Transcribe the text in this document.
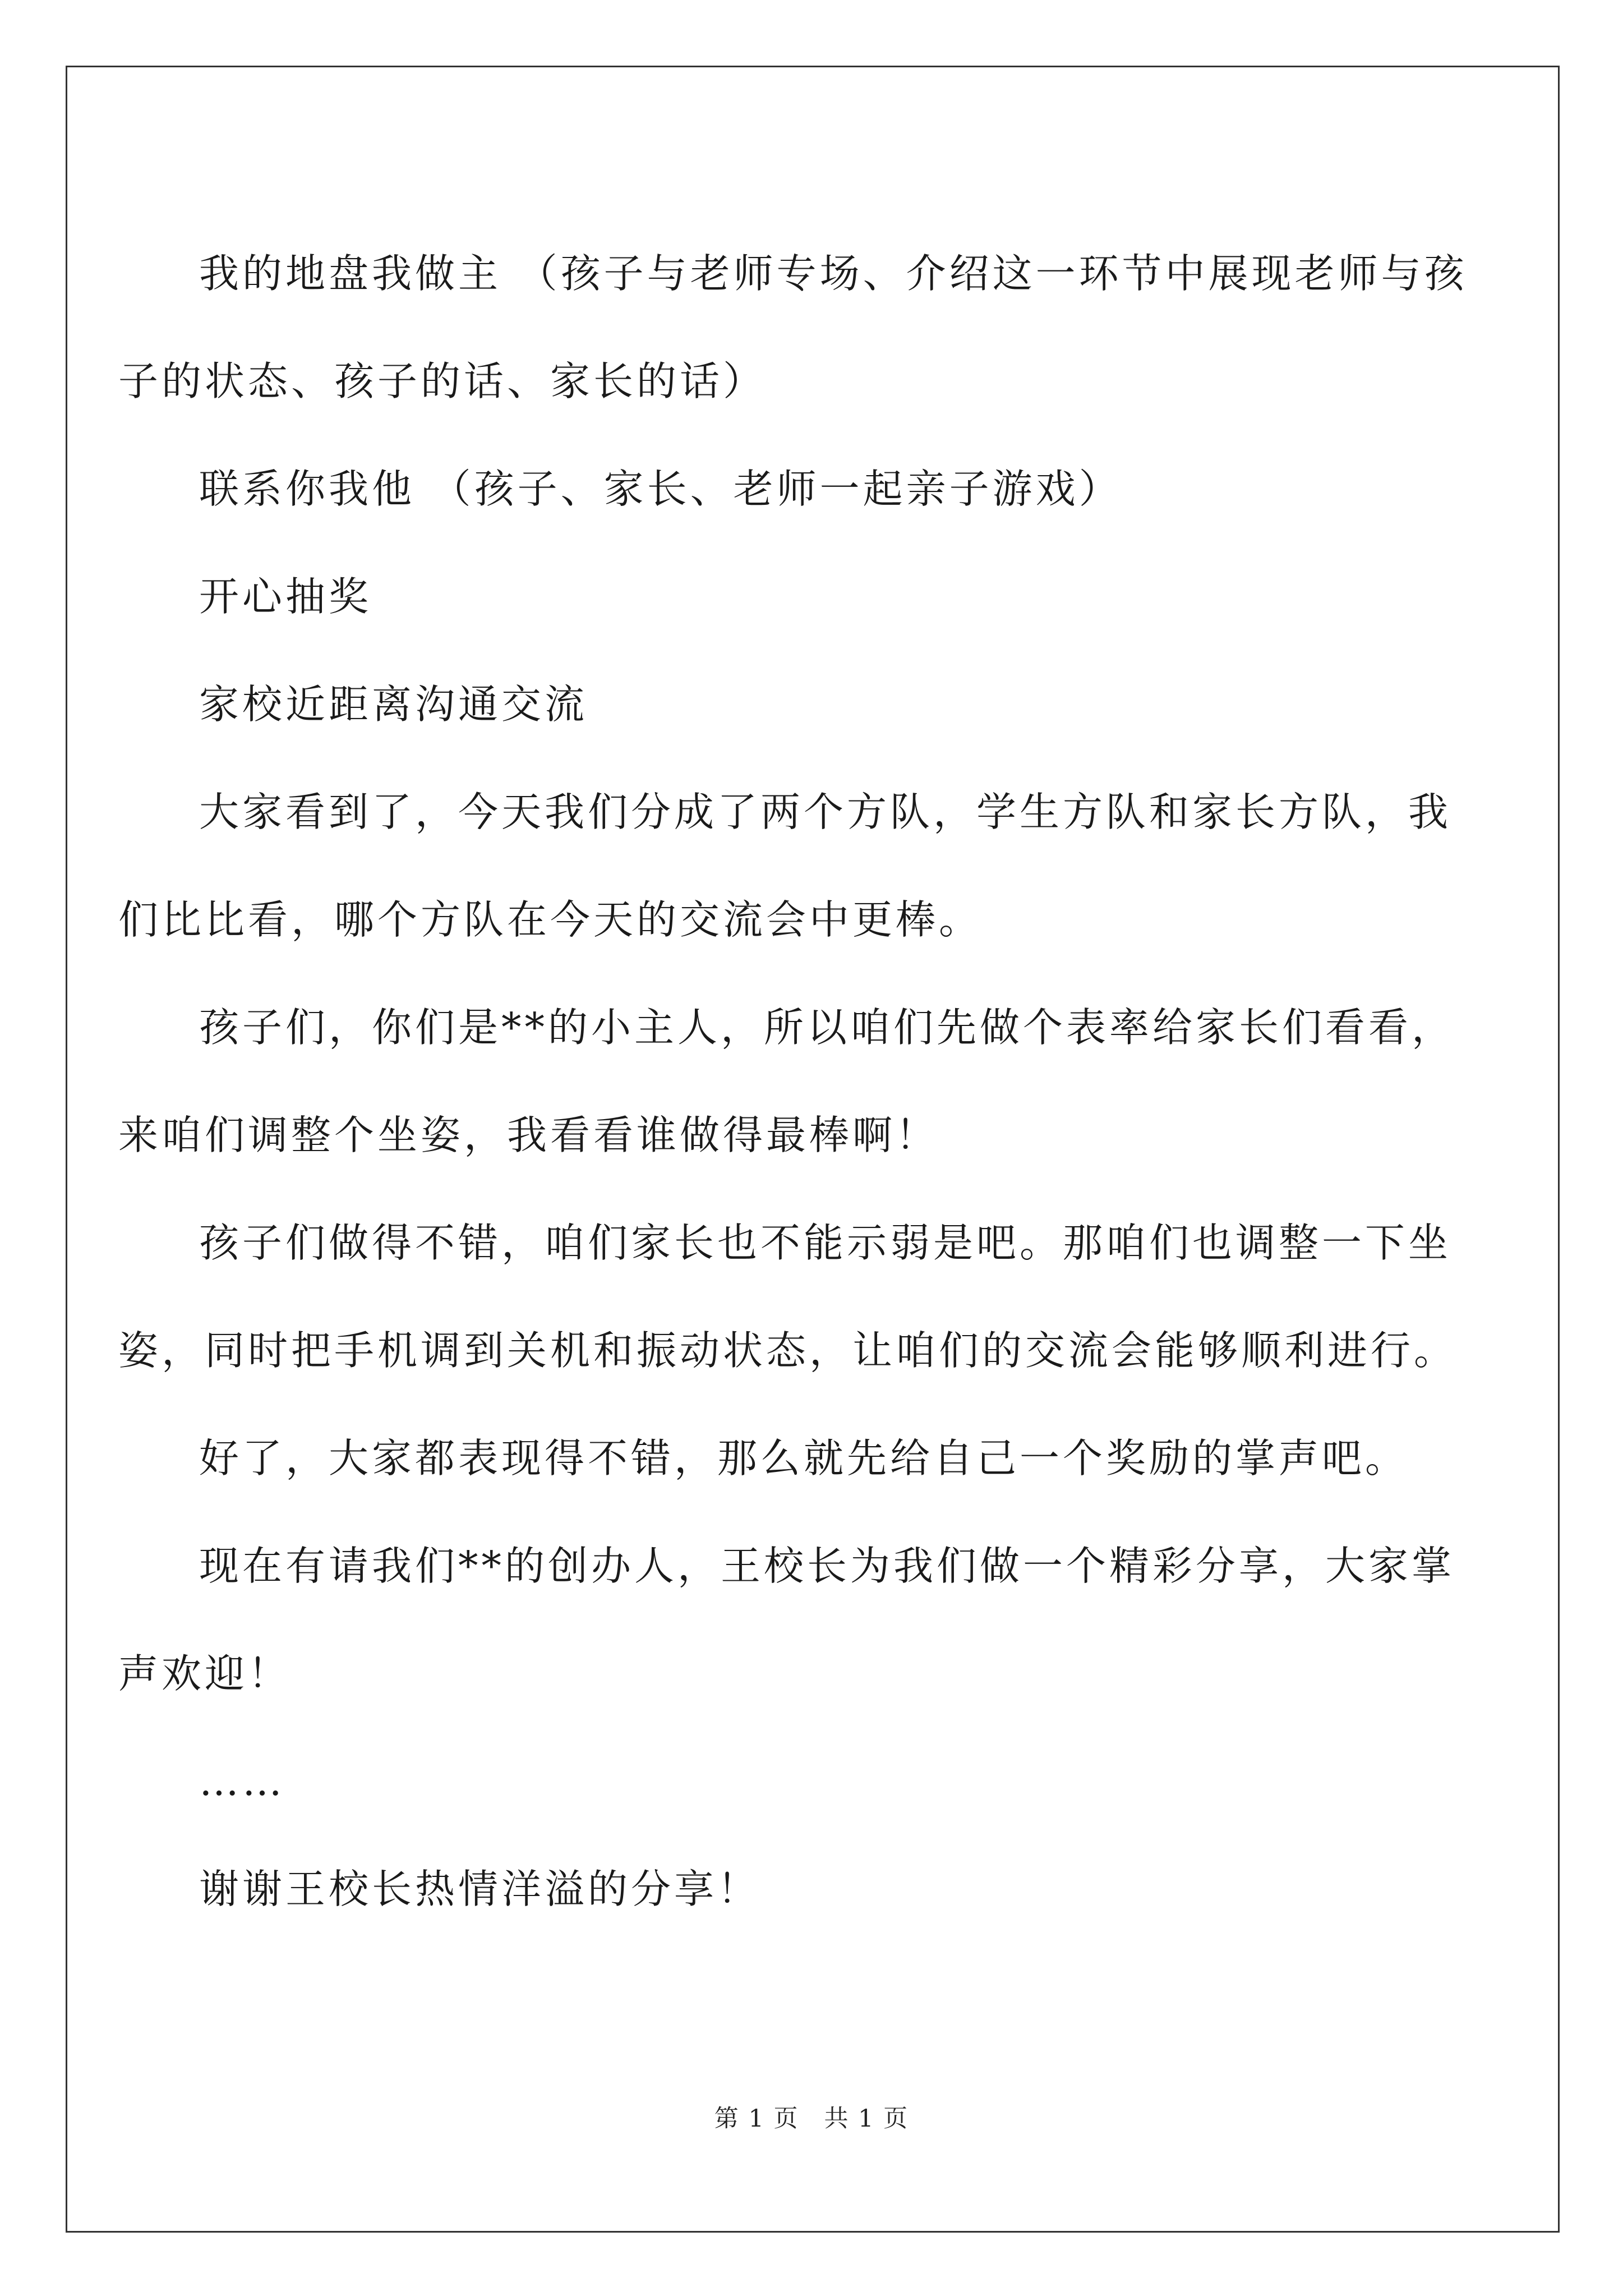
我的地盘我做主 （孩子与老师专场、介绍这一环节中展现老师与孩子的状态、孩子的话、家长的话）

联系你我他 （孩子、家长、老师一起亲子游戏）

开心抽奖

家校近距离沟通交流

大家看到了，今天我们分成了两个方队，学生方队和家长方队，我们比比看，哪个方队在今天的交流会中更棒。

孩子们，你们是**的小主人，所以咱们先做个表率给家长们看看，来咱们调整个坐姿，我看看谁做得最棒啊！

孩子们做得不错，咱们家长也不能示弱是吧。那咱们也调整一下坐姿，同时把手机调到关机和振动状态，让咱们的交流会能够顺利进行。

好了，大家都表现得不错，那么就先给自己一个奖励的掌声吧。

现在有请我们**的创办人，王校长为我们做一个精彩分享，大家掌声欢迎！

……

谢谢王校长热情洋溢的分享！

第 1 页　共 1 页
